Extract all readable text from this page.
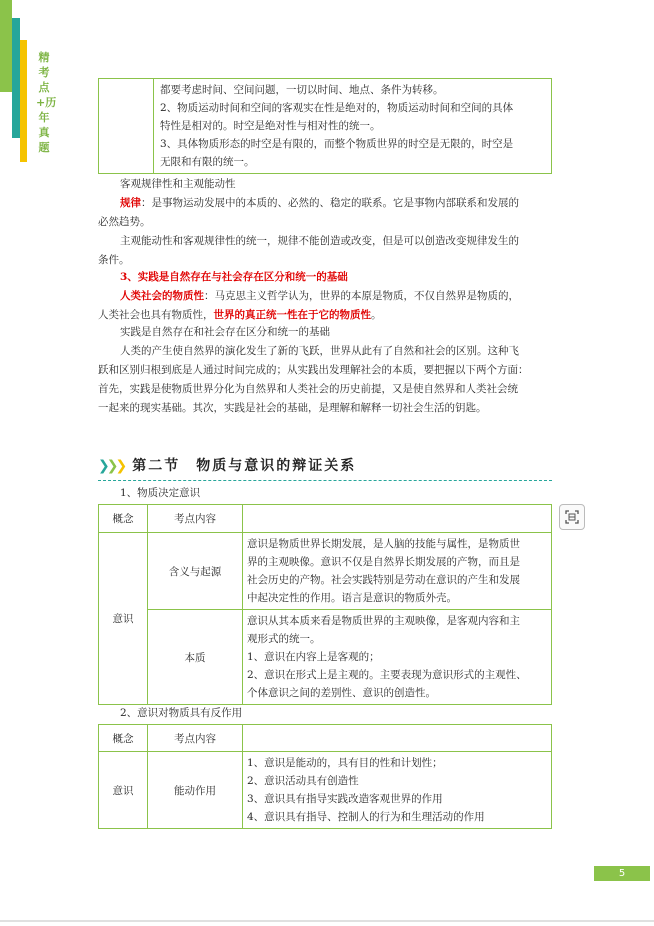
精考点+历年真题

都要考虑时间、空间问题，一切以时间、地点、条件为转移。
2、物质运动时间和空间的客观实在性是绝对的，物质运动时间和空间的具体
特性是相对的。时空是绝对性与相对性的统一。
3、具体物质形态的时空是有限的，而整个物质世界的时空是无限的，时空是
无限和有限的统一。
客观规律性和主观能动性
规律：是事物运动发展中的本质的、必然的、稳定的联系。它是事物内部联系和发展的
必然趋势。
主观能动性和客观规律性的统一，规律不能创造或改变，但是可以创造改变规律发生的
条件。
3、实践是自然存在与社会存在区分和统一的基础
人类社会的物质性：马克思主义哲学认为，世界的本原是物质，不仅自然界是物质的，
人类社会也具有物质性，世界的真正统一性在于它的物质性。
实践是自然存在和社会存在区分和统一的基础
人类的产生使自然界的演化发生了新的飞跃，世界从此有了自然和社会的区别。这种飞
跃和区别归根到底是人通过时间完成的；从实践出发理解社会的本质，要把握以下两个方面：
首先，实践是使物质世界分化为自然界和人类社会的历史前提，又是使自然界和人类社会统
一起来的现实基础。其次，实践是社会的基础，是理解和解释一切社会生活的钥匙。
❯❯❯ 第二节　物质与意识的辩证关系
1、物质决定意识
概念	考点内容	
意识	含义与起源	意识是物质世界长期发展，是人脑的技能与属性，是物质世
界的主观映像。意识不仅是自然界长期发展的产物，而且是
社会历史的产物。社会实践特别是劳动在意识的产生和发展
中起决定性的作用。语言是意识的物质外壳。

	本质	意识从其本质来看是物质世界的主观映像，是客观内容和主
观形式的统一。
1、意识在内容上是客观的；
2、意识在形式上是主观的。主要表现为意识形式的主观性、
个体意识之间的差别性、意识的创造性。
2、意识对物质具有反作用
概念	考点内容	
意识	能动作用	1、意识是能动的，具有目的性和计划性；
2、意识活动具有创造性
3、意识具有指导实践改造客观世界的作用
4、意识具有指导、控制人的行为和生理活动的作用
5
